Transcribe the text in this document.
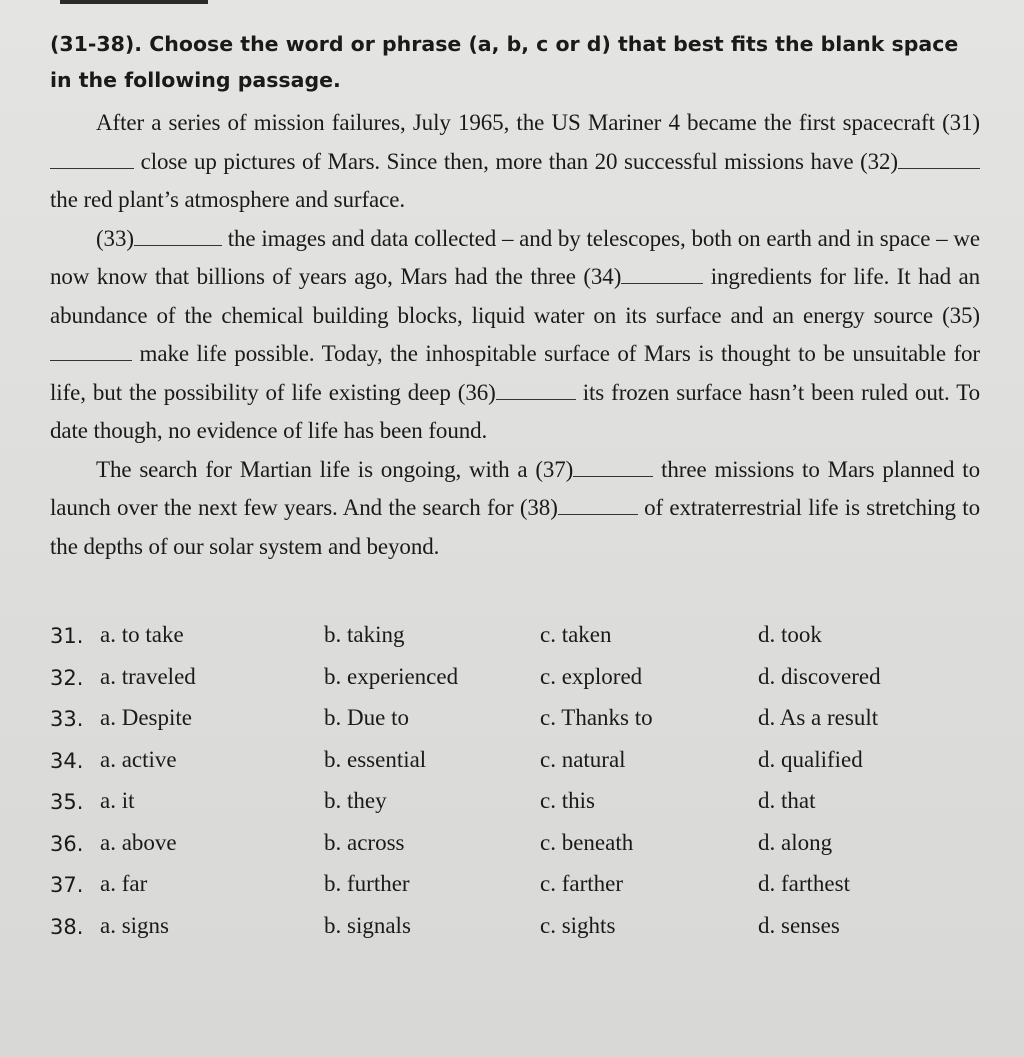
(31-38). Choose the word or phrase (a, b, c or d) that best fits the blank space in the following passage.

After a series of mission failures, July 1965, the US Mariner 4 became the first spacecraft (31) close up pictures of Mars. Since then, more than 20 successful missions have (32) the red plant’s atmosphere and surface.

(33)	the images and data collected – and by telescopes, both on earth and in space – we now know that billions of years ago, Mars had the three (34)	ingredients for life. It had an abundance of the chemical building blocks, liquid water on its surface and an energy source (35) make life possible. Today, the inhospitable surface of Mars is thought to be unsuitable for life, but the possibility of life existing deep (36)	its frozen surface hasn’t been ruled out. To date though, no evidence of life has been found.

The search for Martian life is ongoing, with a (37)	three missions to Mars planned to launch over the next few years. And the search for (38)	of extraterrestrial life is stretching to the depths of our solar system and beyond.

31. a. to take	b. taking	c. taken	d. took
32. a. traveled	b. experienced	c. explored	d. discovered
33. a. Despite	b. Due to	c. Thanks to	d. As a result
34. a. active	b. essential	c. natural	d. qualified
35. a. it	b. they	c. this	d. that
36. a. above	b. across	c. beneath	d. along
37. a. far	b. further	c. farther	d. farthest
38. a. signs	b. signals	c. sights	d. senses
